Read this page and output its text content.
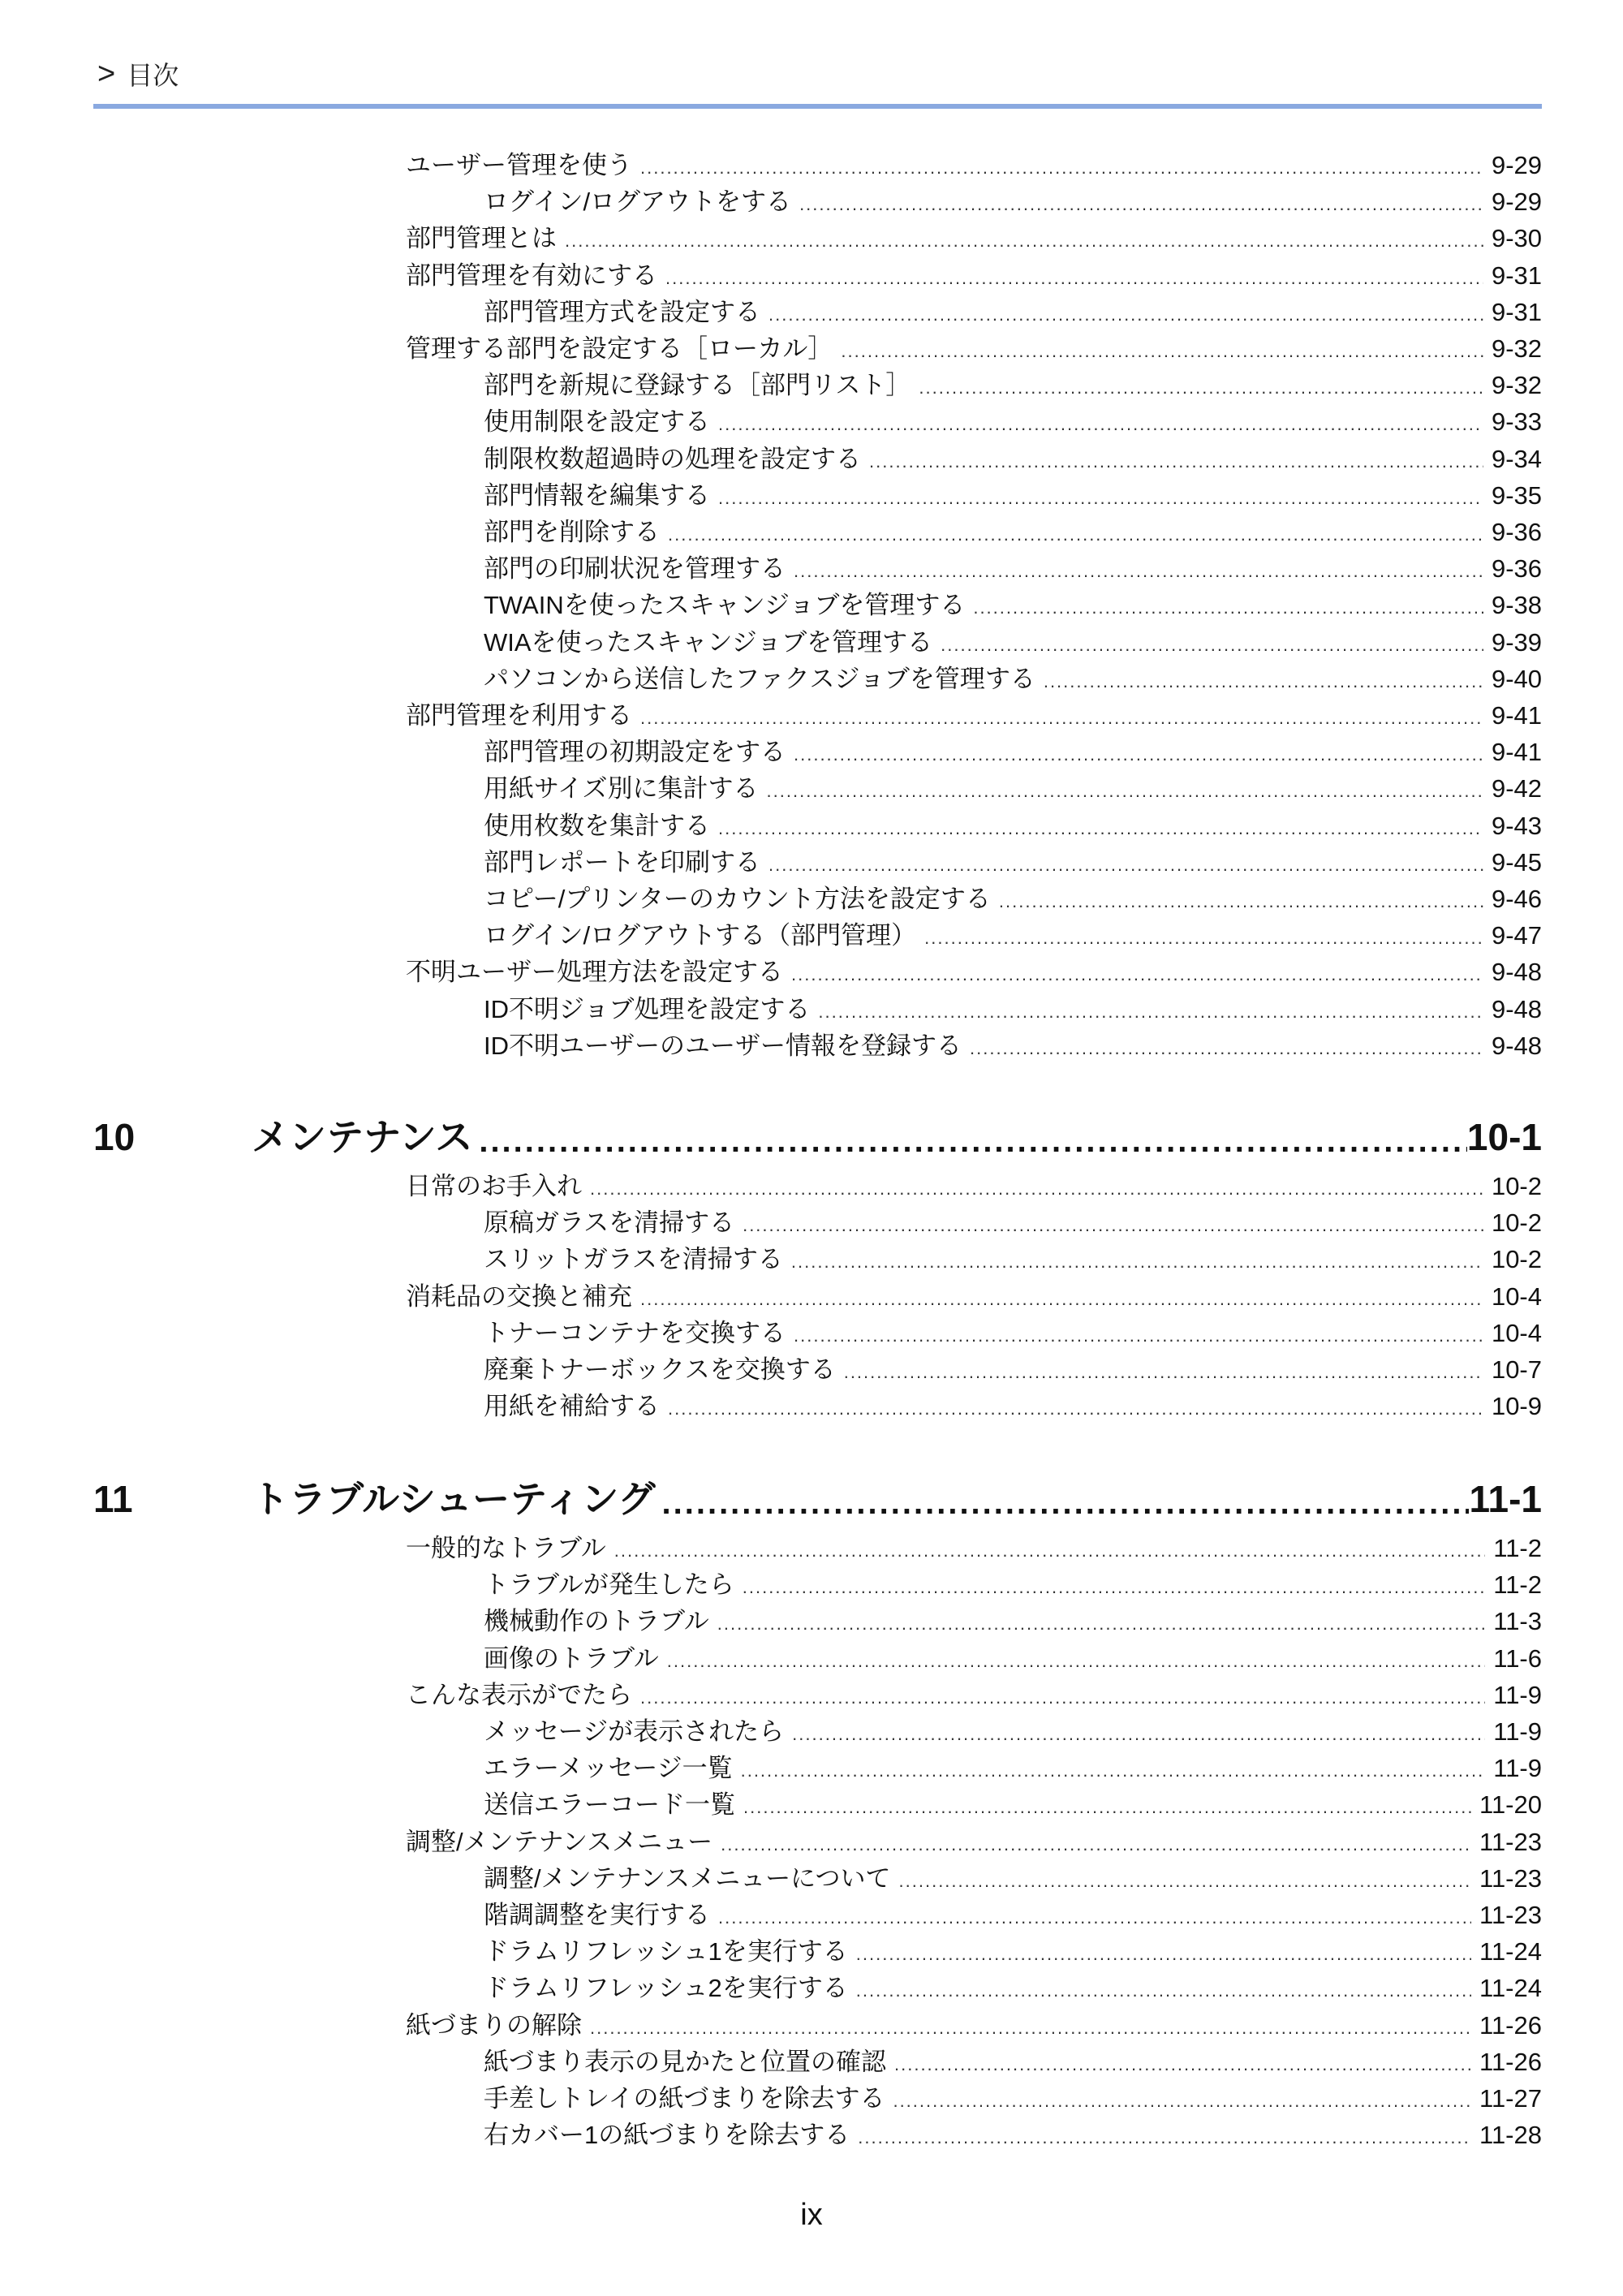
> 目次
ユーザー管理を使う .....	9-29
ログイン/ログアウトをする .....	9-29
部門管理とは .....	9-30
部門管理を有効にする .....	9-31
部門管理方式を設定する .....	9-31
管理する部門を設定する［ローカル］ .....	9-32
部門を新規に登録する［部門リスト］ .....	9-32
使用制限を設定する .....	9-33
制限枚数超過時の処理を設定する .....	9-34
部門情報を編集する .....	9-35
部門を削除する .....	9-36
部門の印刷状況を管理する .....	9-36
TWAINを使ったスキャンジョブを管理する .....	9-38
WIAを使ったスキャンジョブを管理する .....	9-39
パソコンから送信したファクスジョブを管理する .....	9-40
部門管理を利用する .....	9-41
部門管理の初期設定をする .....	9-41
用紙サイズ別に集計する .....	9-42
使用枚数を集計する .....	9-43
部門レポートを印刷する .....	9-45
コピー/プリンターのカウント方法を設定する .....	9-46
ログイン/ログアウトする（部門管理） .....	9-47
不明ユーザー処理方法を設定する .....	9-48
ID不明ジョブ処理を設定する .....	9-48
ID不明ユーザーのユーザー情報を登録する .....	9-48
10	メンテナンス .....	10-1
日常のお手入れ .....	10-2
原稿ガラスを清掃する .....	10-2
スリットガラスを清掃する .....	10-2
消耗品の交換と補充 .....	10-4
トナーコンテナを交換する .....	10-4
廃棄トナーボックスを交換する .....	10-7
用紙を補給する .....	10-9
11	トラブルシューティング .....	11-1
一般的なトラブル .....	11-2
トラブルが発生したら .....	11-2
機械動作のトラブル .....	11-3
画像のトラブル .....	11-6
こんな表示がでたら .....	11-9
メッセージが表示されたら .....	11-9
エラーメッセージ一覧 .....	11-9
送信エラーコード一覧 .....	11-20
調整/メンテナンスメニュー .....	11-23
調整/メンテナンスメニューについて .....	11-23
階調調整を実行する .....	11-23
ドラムリフレッシュ1を実行する .....	11-24
ドラムリフレッシュ2を実行する .....	11-24
紙づまりの解除 .....	11-26
紙づまり表示の見かたと位置の確認 .....	11-26
手差しトレイの紙づまりを除去する .....	11-27
右カバー1の紙づまりを除去する .....	11-28
ix
